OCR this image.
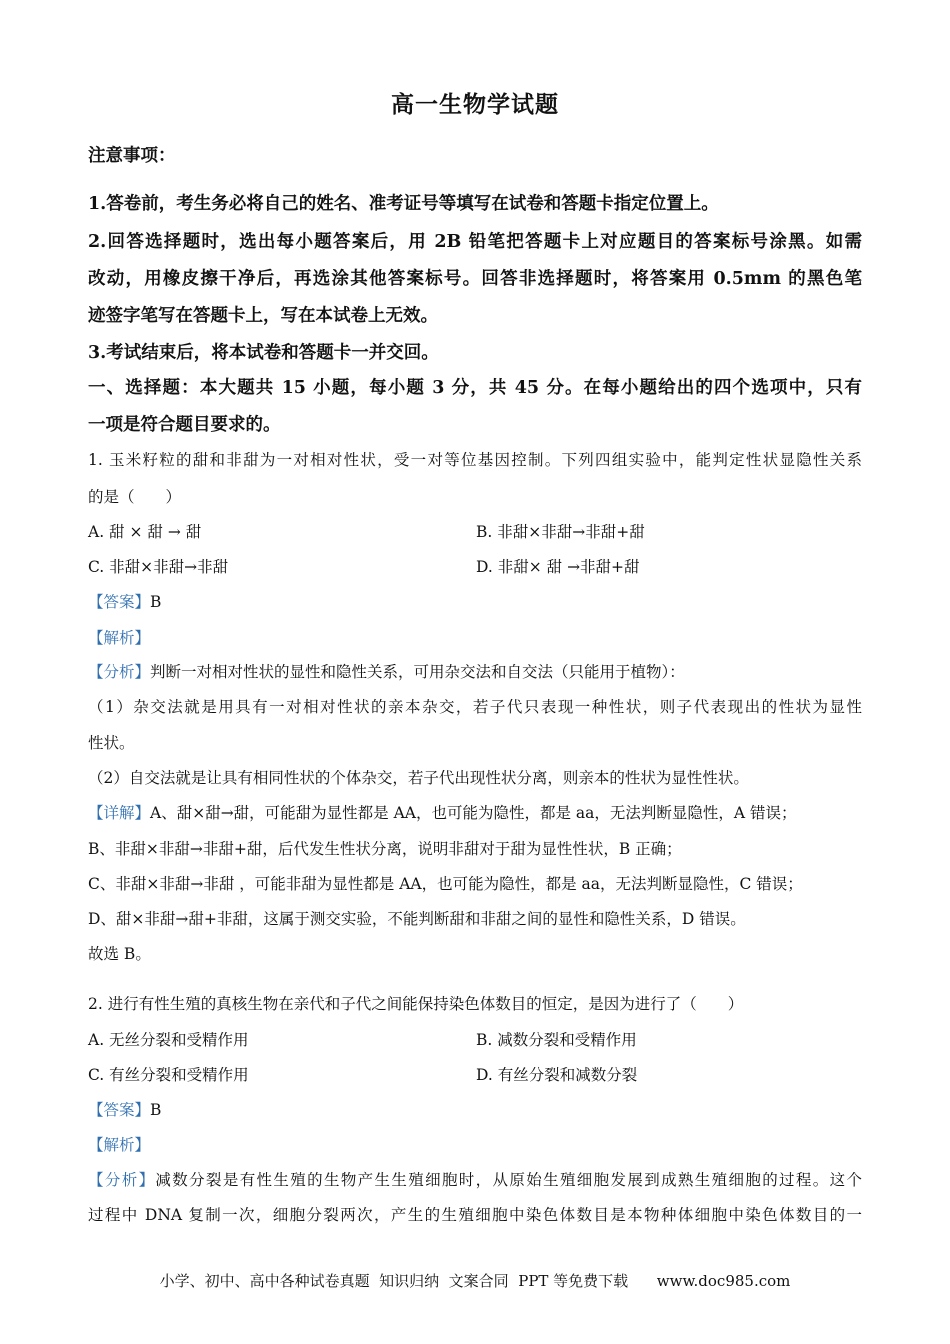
高一生物学试题
注意事项：
1.答卷前，考生务必将自己的姓名、准考证号等填写在试卷和答题卡指定位置上。
2.回答选择题时，选出每小题答案后，用 2B 铅笔把答题卡上对应题目的答案标号涂黑。如需
改动，用橡皮擦干净后，再选涂其他答案标号。回答非选择题时，将答案用 0.5mm 的黑色笔
迹签字笔写在答题卡上，写在本试卷上无效。
3.考试结束后，将本试卷和答题卡一并交回。
一、选择题：本大题共 15 小题，每小题 3 分，共 45 分。在每小题给出的四个选项中，只有
一项是符合题目要求的。
1. 玉米籽粒的甜和非甜为一对相对性状，受一对等位基因控制。下列四组实验中，能判定性状显隐性关系
的是（　　）
A. 甜 × 甜 → 甜	B. 非甜×非甜→非甜+甜
C. 非甜×非甜→非甜	D. 非甜× 甜 →非甜+甜
【答案】B
【解析】
【分析】判断一对相对性状的显性和隐性关系，可用杂交法和自交法（只能用于植物）：
（1）杂交法就是用具有一对相对性状的亲本杂交，若子代只表现一种性状，则子代表现出的性状为显性
性状。
（2）自交法就是让具有相同性状的个体杂交，若子代出现性状分离，则亲本的性状为显性性状。
【详解】A、甜×甜→甜，可能甜为显性都是 AA，也可能为隐性，都是 aa，无法判断显隐性，A 错误；
B、非甜×非甜→非甜+甜，后代发生性状分离，说明非甜对于甜为显性性状，B 正确；
C、非甜×非甜→非甜 ，可能非甜为显性都是 AA，也可能为隐性，都是 aa，无法判断显隐性，C 错误；
D、甜×非甜→甜+非甜，这属于测交实验，不能判断甜和非甜之间的显性和隐性关系，D 错误。
故选 B。
2. 进行有性生殖的真核生物在亲代和子代之间能保持染色体数目的恒定，是因为进行了（　　）
A. 无丝分裂和受精作用	B. 减数分裂和受精作用
C. 有丝分裂和受精作用	D. 有丝分裂和减数分裂
【答案】B
【解析】
【分析】减数分裂是有性生殖的生物产生生殖细胞时，从原始生殖细胞发展到成熟生殖细胞的过程。这个
过程中 DNA 复制一次，细胞分裂两次，产生的生殖细胞中染色体数目是本物种体细胞中染色体数目的一
小学、初中、高中各种试卷真题  知识归纳  文案合同  PPT 等免费下载      www.doc985.com
